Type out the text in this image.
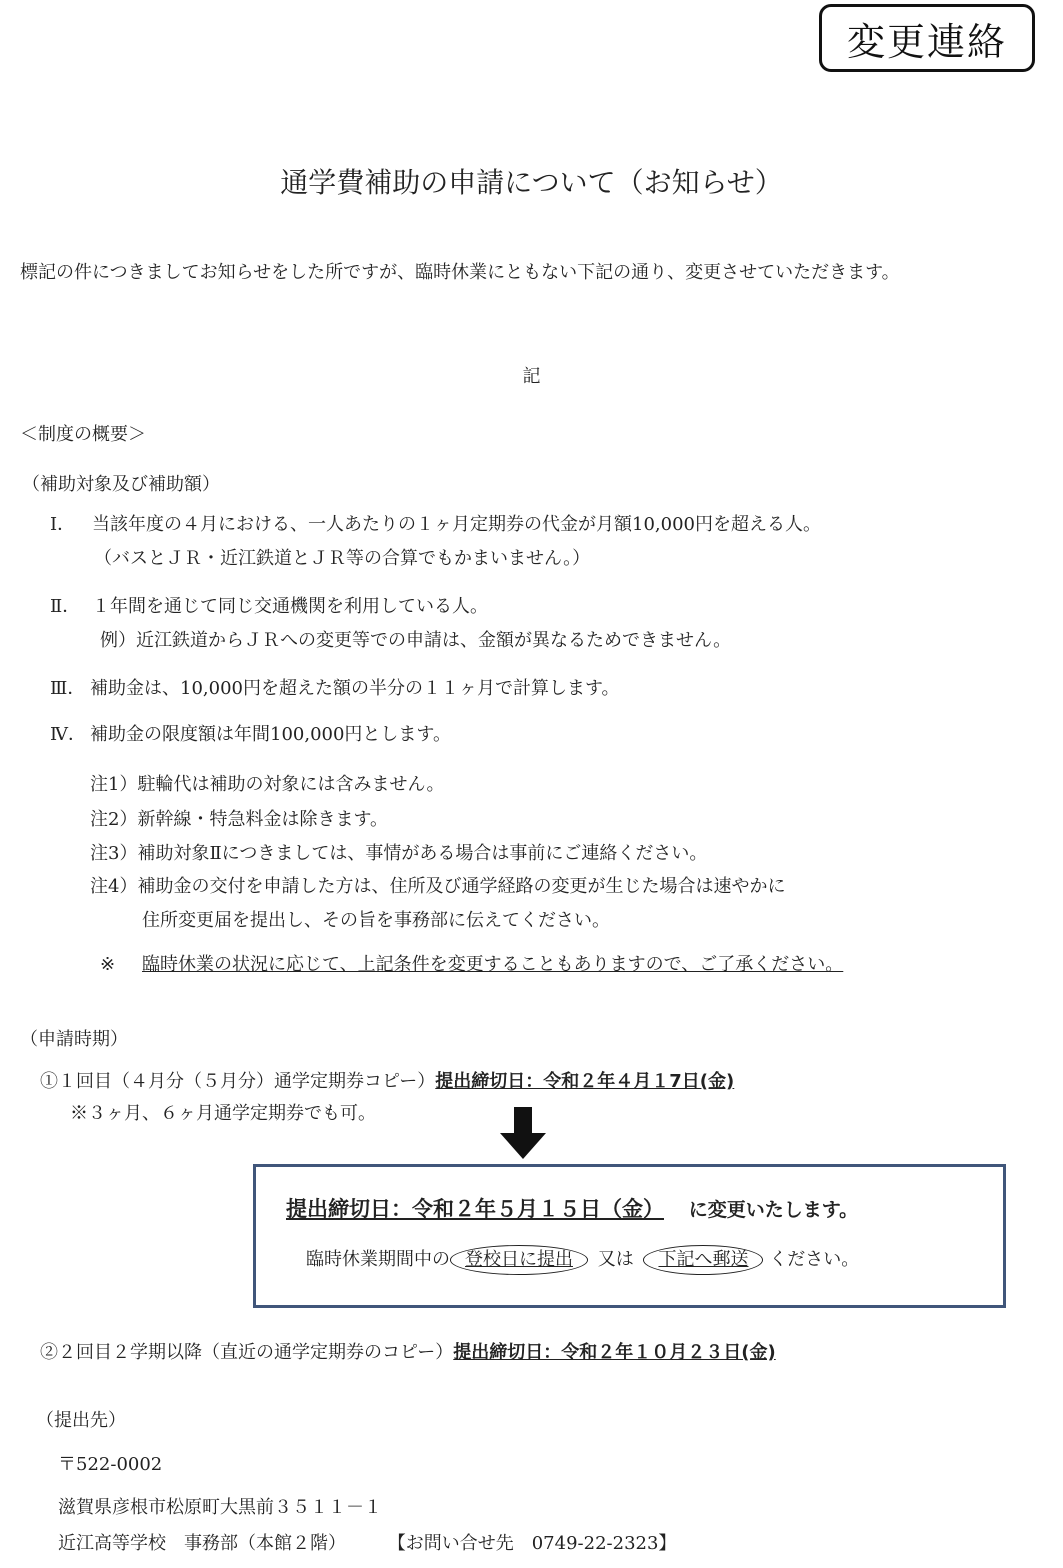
変更連絡
通学費補助の申請について（お知らせ）
標記の件につきましてお知らせをした所ですが、臨時休業にともない下記の通り、変更させていただきます。
記
＜制度の概要＞
（補助対象及び補助額）
Ⅰ． 当該年度の４月における、一人あたりの１ヶ月定期券の代金が月額10,000円を超える人。
（バスとＪＲ・近江鉄道とＪＲ等の合算でもかまいません。）
Ⅱ． １年間を通じて同じ交通機関を利用している人。
例）近江鉄道からＪＲへの変更等での申請は、金額が異なるためできません。
Ⅲ． 補助金は、10,000円を超えた額の半分の１１ヶ月で計算します。
Ⅳ． 補助金の限度額は年間100,000円とします。
注1）駐輪代は補助の対象には含みません。
注2）新幹線・特急料金は除きます。
注3）補助対象Ⅱにつきましては、事情がある場合は事前にご連絡ください。
注4）補助金の交付を申請した方は、住所及び通学経路の変更が生じた場合は速やかに
住所変更届を提出し、その旨を事務部に伝えてください。
※ 臨時休業の状況に応じて、上記条件を変更することもありますので、ご了承ください。
（申請時期）
①１回目（４月分（５月分）通学定期券コピー）提出締切日：令和２年４月１7日(金)
※３ヶ月、６ヶ月通学定期券でも可。
提出締切日：令和２年５月１５日（金） に変更いたします。
臨時休業期間中の 登校日に提出 又は 下記へ郵送 ください。
②２回目２学期以降（直近の通学定期券のコピー）提出締切日：令和２年１０月２３日(金)
（提出先）
〒522-0002
滋賀県彦根市松原町大黒前３５１１－１
近江高等学校　事務部（本館２階） 【お問い合せ先　0749-22-2323】
